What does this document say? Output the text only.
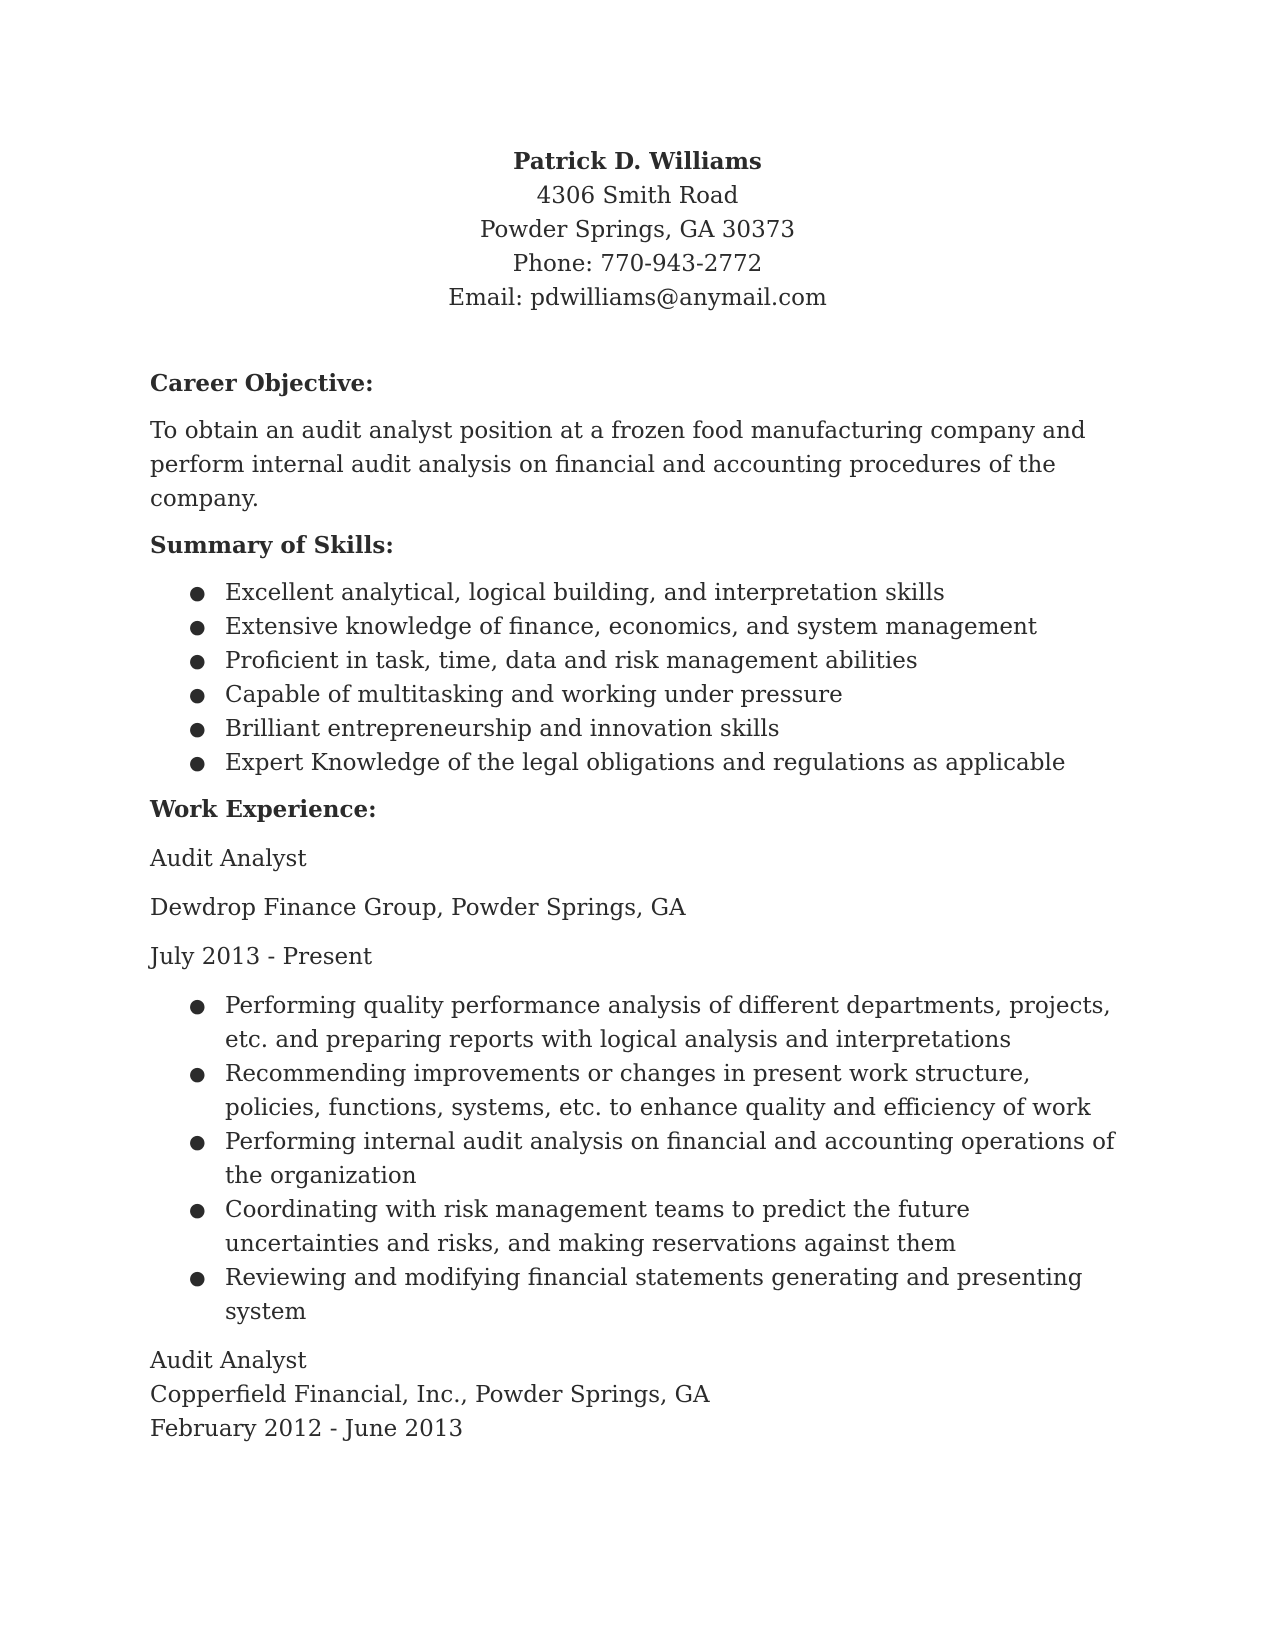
Patrick D. Williams
4306 Smith Road
Powder Springs, GA 30373
Phone: 770-943-2772
Email: pdwilliams@anymail.com
Career Objective:
To obtain an audit analyst position at a frozen food manufacturing company and
perform internal audit analysis on financial and accounting procedures of the company.
Summary of Skills:
● Excellent analytical, logical building, and interpretation skills
● Extensive knowledge of finance, economics, and system management
● Proficient in task, time, data and risk management abilities
● Capable of multitasking and working under pressure
● Brilliant entrepreneurship and innovation skills
● Expert Knowledge of the legal obligations and regulations as applicable
Work Experience:
Audit Analyst
Dewdrop Finance Group, Powder Springs, GA
July 2013 - Present
● Performing quality performance analysis of different departments, projects, etc. and preparing reports with logical analysis and interpretations
● Recommending improvements or changes in present work structure, policies, functions, systems, etc. to enhance quality and efficiency of work
● Performing internal audit analysis on financial and accounting operations of the organization
● Coordinating with risk management teams to predict the future uncertainties and risks, and making reservations against them
● Reviewing and modifying financial statements generating and presenting system
Audit Analyst
Copperfield Financial, Inc., Powder Springs, GA
February 2012 - June 2013
